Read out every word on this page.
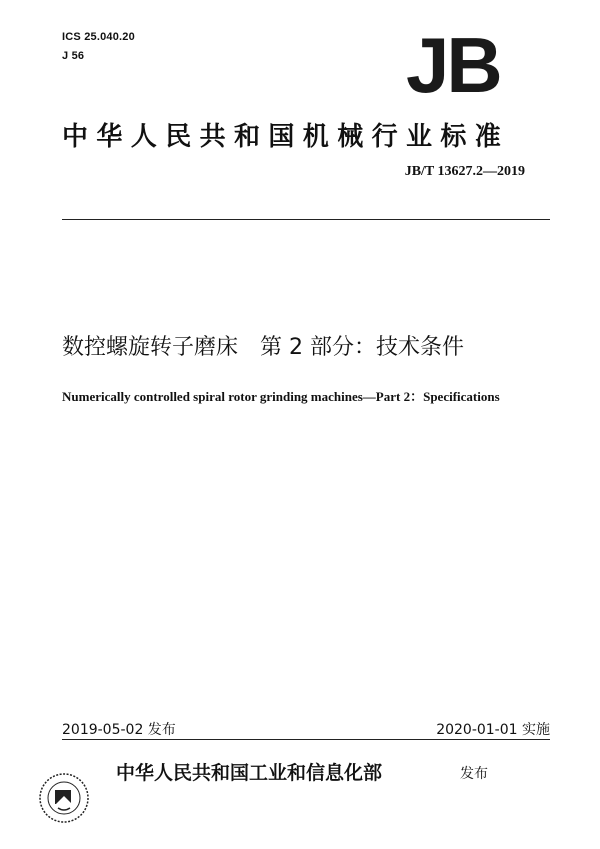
ICS 25.040.20
J 56	JB
中华人民共和国机械行业标准
JB/T 13627.2—2019
数控螺旋转子磨床　第 2 部分：技术条件
Numerically controlled spiral rotor grinding machines—Part 2：Specifications
2019-05-02 发布	2020-01-01 实施
中华人民共和国工业和信息化部	发布
